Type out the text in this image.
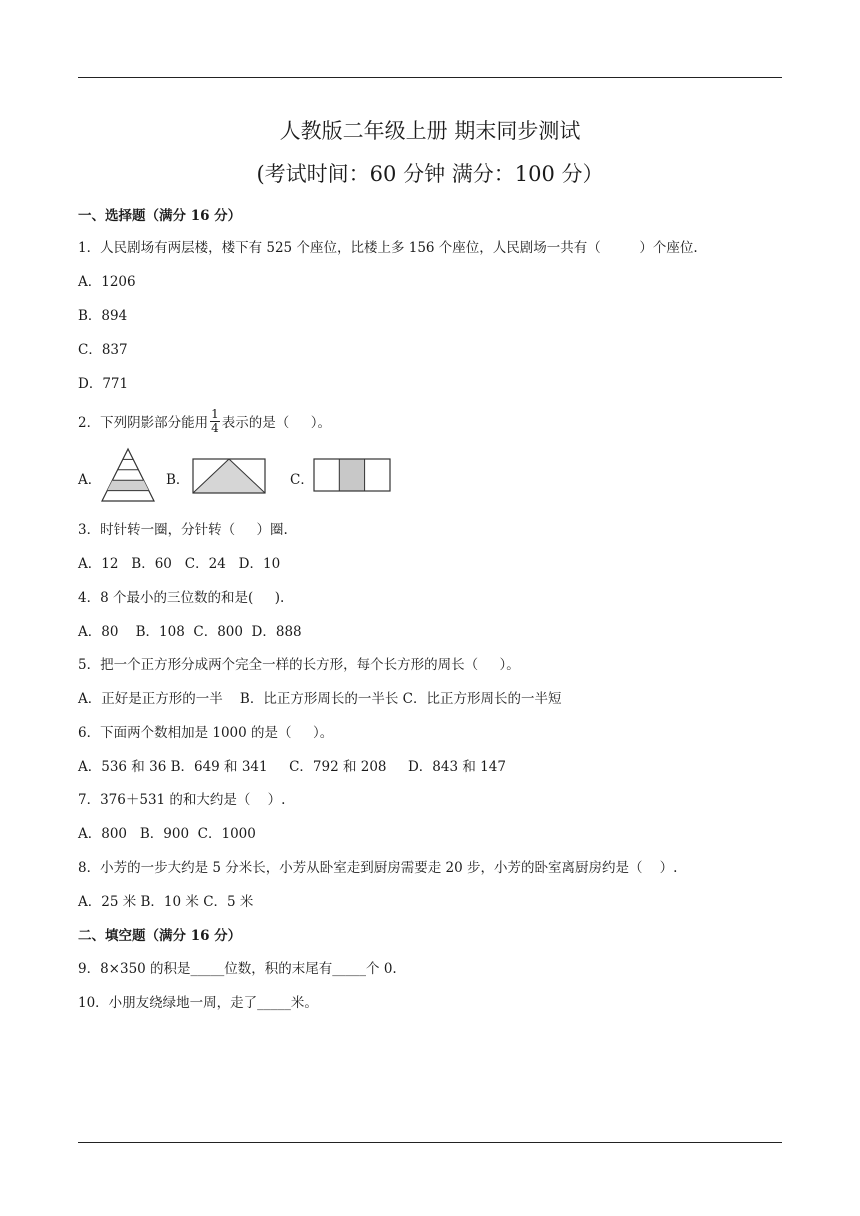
人教版二年级上册 期末同步测试
(考试时间：60 分钟 满分：100 分）
一、选择题（满分 16 分）
1．人民剧场有两层楼，楼下有 525 个座位，比楼上多 156 个座位，人民剧场一共有（         ）个座位.
A．1206
B．894
C．837
D．771
2．下列阴影部分能用 $\frac{1}{4}$ 表示的是（     ）。
A．	B．	C．
3．时针转一圈，分针转（     ）圈.
A．12   B．60   C．24   D．10
4．8 个最小的三位数的和是(     ).
A．80    B．108  C．800  D．888
5．把一个正方形分成两个完全一样的长方形，每个长方形的周长（     ）。
A．正好是正方形的一半    B．比正方形周长的一半长 C．比正方形周长的一半短
6．下面两个数相加是 1000 的是（     ）。
A．536 和 36 B．649 和 341     C．792 和 208     D．843 和 147
7．376＋531 的和大约是（    ）.
A．800   B．900  C．1000
8．小芳的一步大约是 5 分米长，小芳从卧室走到厨房需要走 20 步，小芳的卧室离厨房约是（    ）.
A．25 米 B．10 米 C．5 米
二、填空题（满分 16 分）
9．8×350 的积是_____位数，积的末尾有_____个 0.
10．小朋友绕绿地一周，走了_____米。
